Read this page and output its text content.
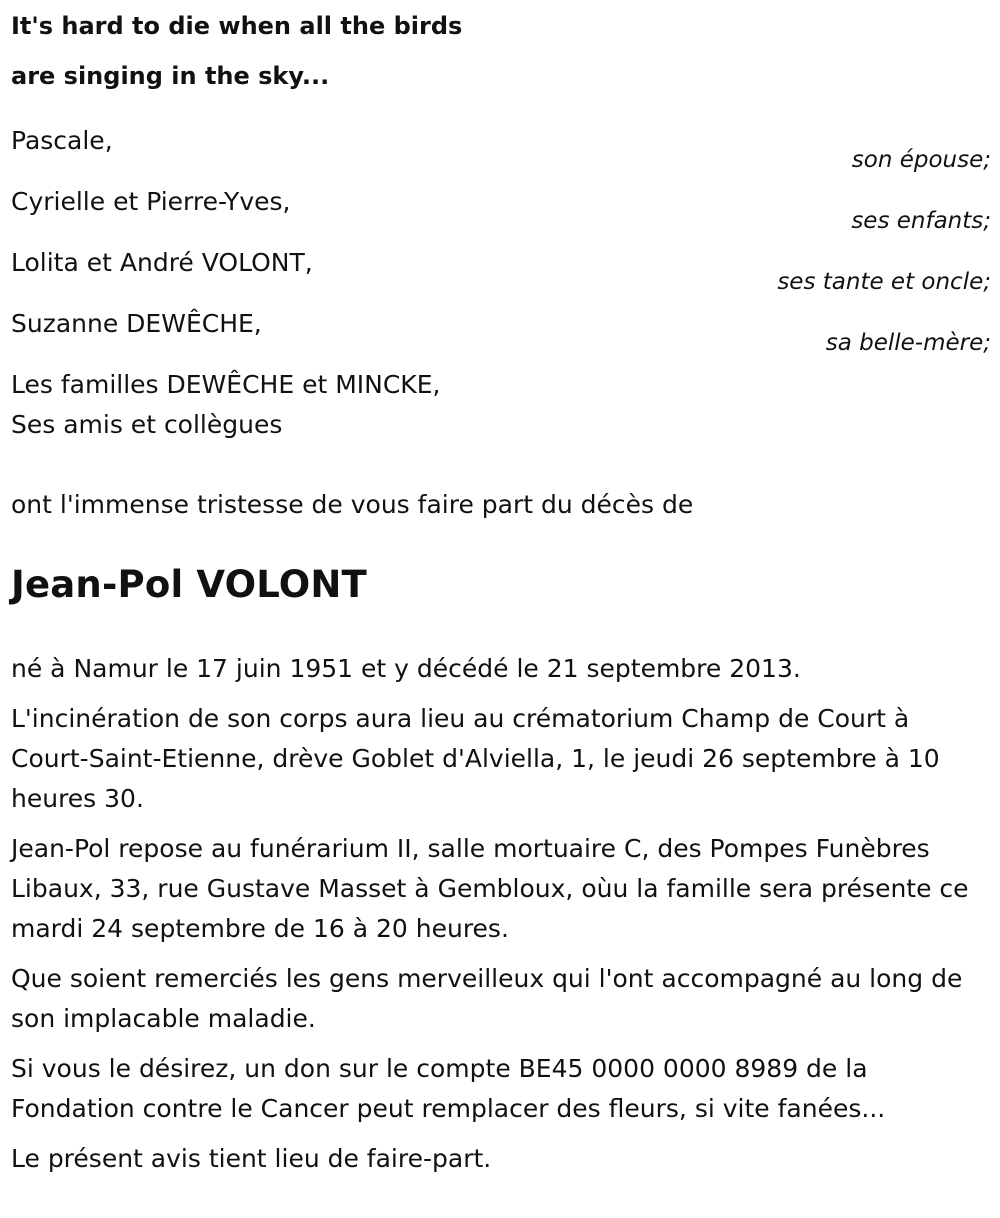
It's hard to die when all the birds
are singing in the sky...
Pascale,
son épouse;
Cyrielle et Pierre-Yves,
ses enfants;
Lolita et André VOLONT,
ses tante et oncle;
Suzanne DEWÊCHE,
sa belle-mère;
Les familles DEWÊCHE et MINCKE,
Ses amis et collègues
ont l'immense tristesse de vous faire part du décès de
Jean-Pol VOLONT

né à Namur le 17 juin 1951 et y décédé le 21 septembre 2013.

L'incinération de son corps aura lieu au crématorium Champ de Court à Court-Saint-Etienne, drève Goblet d'Alviella, 1, le jeudi 26 septembre à 10 heures 30.

Jean-Pol repose au funérarium II, salle mortuaire C, des Pompes Funèbres Libaux, 33, rue Gustave Masset à Gembloux, oùu la famille sera présente ce mardi 24 septembre de 16 à 20 heures.

Que soient remerciés les gens merveilleux qui l'ont accompagné au long de son implacable maladie.

Si vous le désirez, un don sur le compte BE45 0000 0000 8989 de la Fondation contre le Cancer peut remplacer des fleurs, si vite fanées...

Le présent avis tient lieu de faire-part.
